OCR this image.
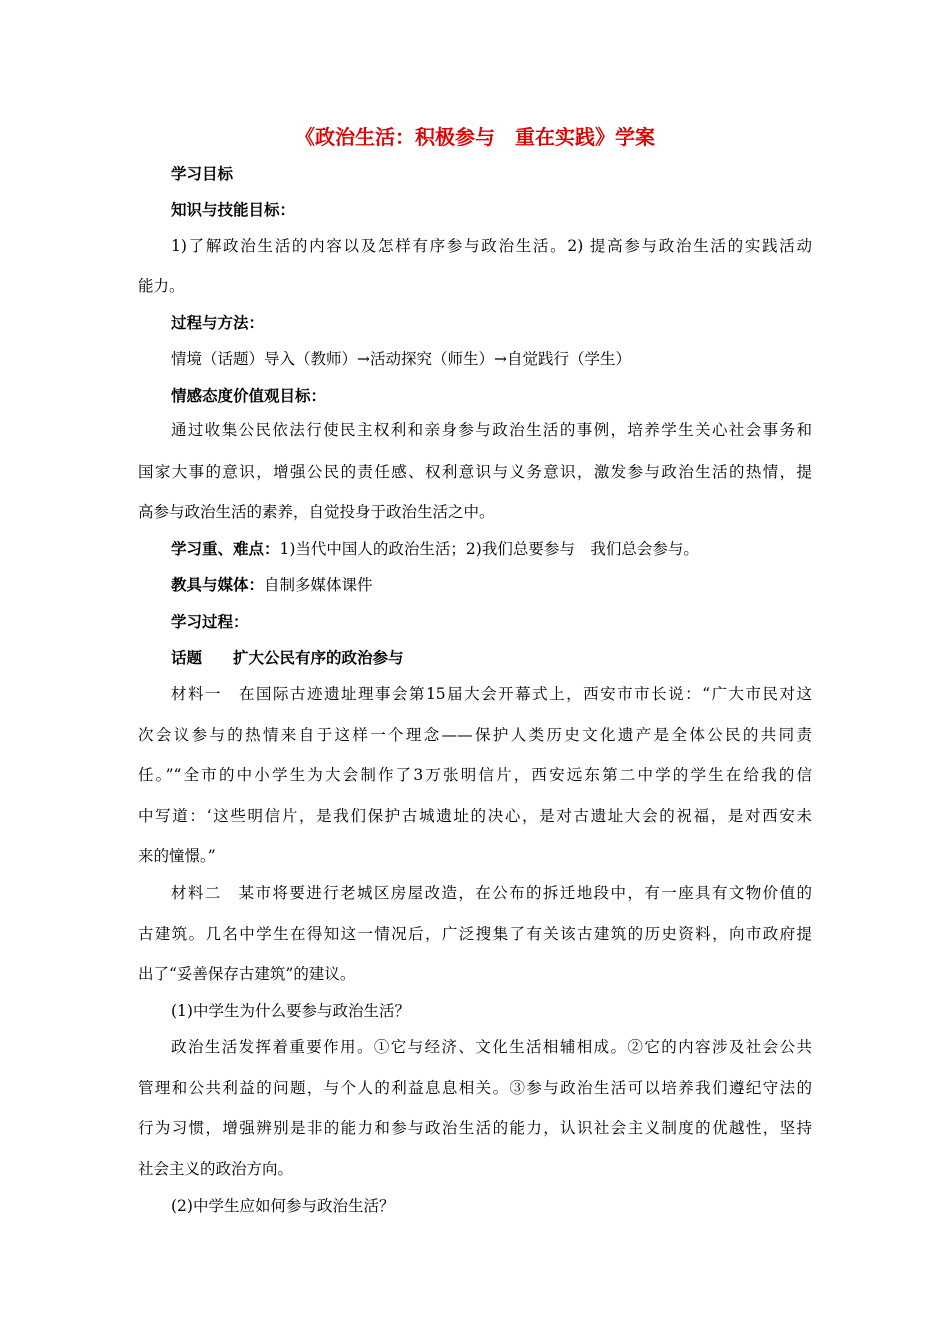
《政治生活：积极参与　重在实践》学案
学习目标
知识与技能目标：
1)了解政治生活的内容以及怎样有序参与政治生活。2) 提高参与政治生活的实践活动
能力。
过程与方法：
情境（话题）导入（教师）→活动探究（师生）→自觉践行（学生）
情感态度价值观目标：
通过收集公民依法行使民主权利和亲身参与政治生活的事例，培养学生关心社会事务和
国家大事的意识，增强公民的责任感、权利意识与义务意识，激发参与政治生活的热情，提
高参与政治生活的素养，自觉投身于政治生活之中。
学习重、难点：1)当代中国人的政治生活；2)我们总要参与　我们总会参与。
教具与媒体：自制多媒体课件
学习过程：
话题　　扩大公民有序的政治参与
材料一　在国际古迹遗址理事会第15届大会开幕式上，西安市市长说：“广大市民对这
次会议参与的热情来自于这样一个理念——保护人类历史文化遗产是全体公民的共同责
任。”“全市的中小学生为大会制作了3万张明信片，西安远东第二中学的学生在给我的信
中写道：‘这些明信片，是我们保护古城遗址的决心，是对古遗址大会的祝福，是对西安未
来的憧憬。”
材料二　某市将要进行老城区房屋改造，在公布的拆迁地段中，有一座具有文物价值的
古建筑。几名中学生在得知这一情况后，广泛搜集了有关该古建筑的历史资料，向市政府提
出了“妥善保存古建筑”的建议。
(1)中学生为什么要参与政治生活？
政治生活发挥着重要作用。①它与经济、文化生活相辅相成。②它的内容涉及社会公共
管理和公共利益的问题，与个人的利益息息相关。③参与政治生活可以培养我们遵纪守法的
行为习惯，增强辨别是非的能力和参与政治生活的能力，认识社会主义制度的优越性，坚持
社会主义的政治方向。
(2)中学生应如何参与政治生活？
